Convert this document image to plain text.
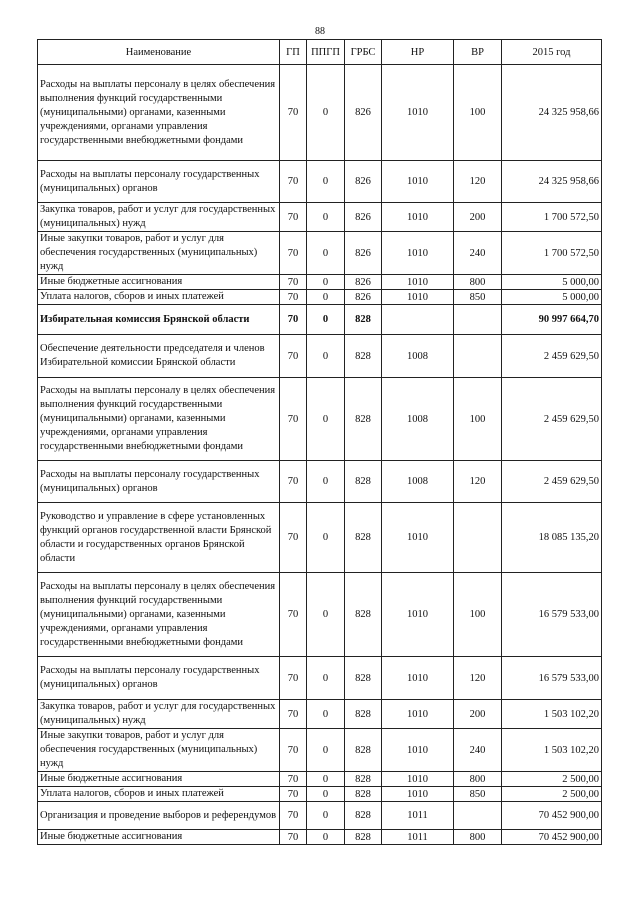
88
Наименование	ГП	ППГП	ГРБС	НР	ВР	2015 год
Расходы на выплаты персоналу в целях обеспечения выполнения функций государственными (муниципальными) органами, казенными учреждениями, органами управления государственными внебюджетными фондами	70	0	826	1010	100	24 325 958,66
Расходы на выплаты персоналу государственных (муниципальных) органов	70	0	826	1010	120	24 325 958,66
Закупка товаров, работ и услуг для государственных (муниципальных) нужд	70	0	826	1010	200	1 700 572,50
Иные закупки товаров, работ и услуг для обеспечения государственных (муниципальных) нужд	70	0	826	1010	240	1 700 572,50
Иные бюджетные ассигнования	70	0	826	1010	800	5 000,00
Уплата налогов, сборов и иных платежей	70	0	826	1010	850	5 000,00
Избирательная комиссия Брянской области	70	0	828			90 997 664,70
Обеспечение деятельности председателя и членов Избирательной комиссии Брянской области	70	0	828	1008		2 459 629,50
Расходы на выплаты персоналу в целях обеспечения выполнения функций государственными (муниципальными) органами, казенными учреждениями, органами управления государственными внебюджетными фондами	70	0	828	1008	100	2 459 629,50
Расходы на выплаты персоналу государственных (муниципальных) органов	70	0	828	1008	120	2 459 629,50
Руководство и управление в сфере установленных функций органов государственной власти Брянской области и государственных органов Брянской области	70	0	828	1010		18 085 135,20
Расходы на выплаты персоналу в целях обеспечения выполнения функций государственными (муниципальными) органами, казенными учреждениями, органами управления государственными внебюджетными фондами	70	0	828	1010	100	16 579 533,00
Расходы на выплаты персоналу государственных (муниципальных) органов	70	0	828	1010	120	16 579 533,00
Закупка товаров, работ и услуг для государственных (муниципальных) нужд	70	0	828	1010	200	1 503 102,20
Иные закупки товаров, работ и услуг для обеспечения государственных (муниципальных) нужд	70	0	828	1010	240	1 503 102,20
Иные бюджетные ассигнования	70	0	828	1010	800	2 500,00
Уплата налогов, сборов и иных платежей	70	0	828	1010	850	2 500,00
Организация и проведение выборов и референдумов	70	0	828	1011		70 452 900,00
Иные бюджетные ассигнования	70	0	828	1011	800	70 452 900,00
